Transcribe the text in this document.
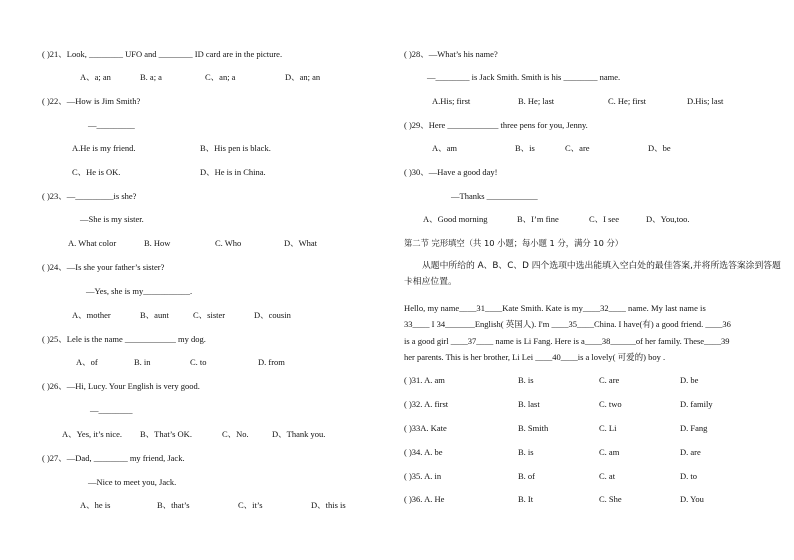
( )21、Look, ________ UFO and ________ ID card are in the picture.
A、a; an	B. a; a	C、an; a	D、an; an
( )22、—How is Jim Smith?
—_________
A.He is my friend.	B、His pen is black.
C、He is OK.	D、He is in China.
( )23、—_________is she?
—She is my sister.
A. What color	B. How	C. Who	D、What
( )24、—Is she your father’s sister?
—Yes, she is my___________.
A、mother	B、aunt	C、sister	D、cousin
( )25、Lele is the name ____________ my dog.
A、of	B. in	C. to	D. from
( )26、—Hi, Lucy. Your English is very good.
—________
A、Yes, it’s nice. B、That’s OK.	C、No.	D、Thank you.
( )27、—Dad, ________ my friend, Jack.
—Nice to meet you, Jack.
A、he is	B、that’s	C、it’s	D、this is
( )28、—What’s his name?
—________ is Jack Smith. Smith is his ________ name.
A.His; first	B. He; last	C. He; first	D.His; last
( )29、Here ____________ three pens for you, Jenny.
A、am	B、is	C、are	D、be
( )30、—Have a good day!
—Thanks ____________
A、Good morning	B、I’m fine	C、I see	D、You,too.
第二节 完形填空（共 10 小题；每小题 1 分，满分 10 分）
从题中所给的 A、B、C、D 四个选项中选出能填入空白处的最佳答案,并将所选答案涂到答题卡相应位置。
Hello, my name____31____Kate Smith. Kate is my____32____ name. My last name is
33____ I 34_______English( 英国人). I'm ____35____China. I have(有) a good friend. ____36
is a good girl ____37____ name is Li Fang. Here is a____38______of her family. These____39
her parents. This is her brother, Li Lei ____40____is a lovely( 可爱的) boy .
( )31. A. am	B. is	C. are	D. be
( )32. A. first	B. last	C. two	D. family
( )33A. Kate	B. Smith	C. Li	D. Fang
( )34. A. be	B. is	C. am	D. are
( )35. A. in	B. of	C. at	D. to
( )36. A. He	B. It	C. She	D. You
